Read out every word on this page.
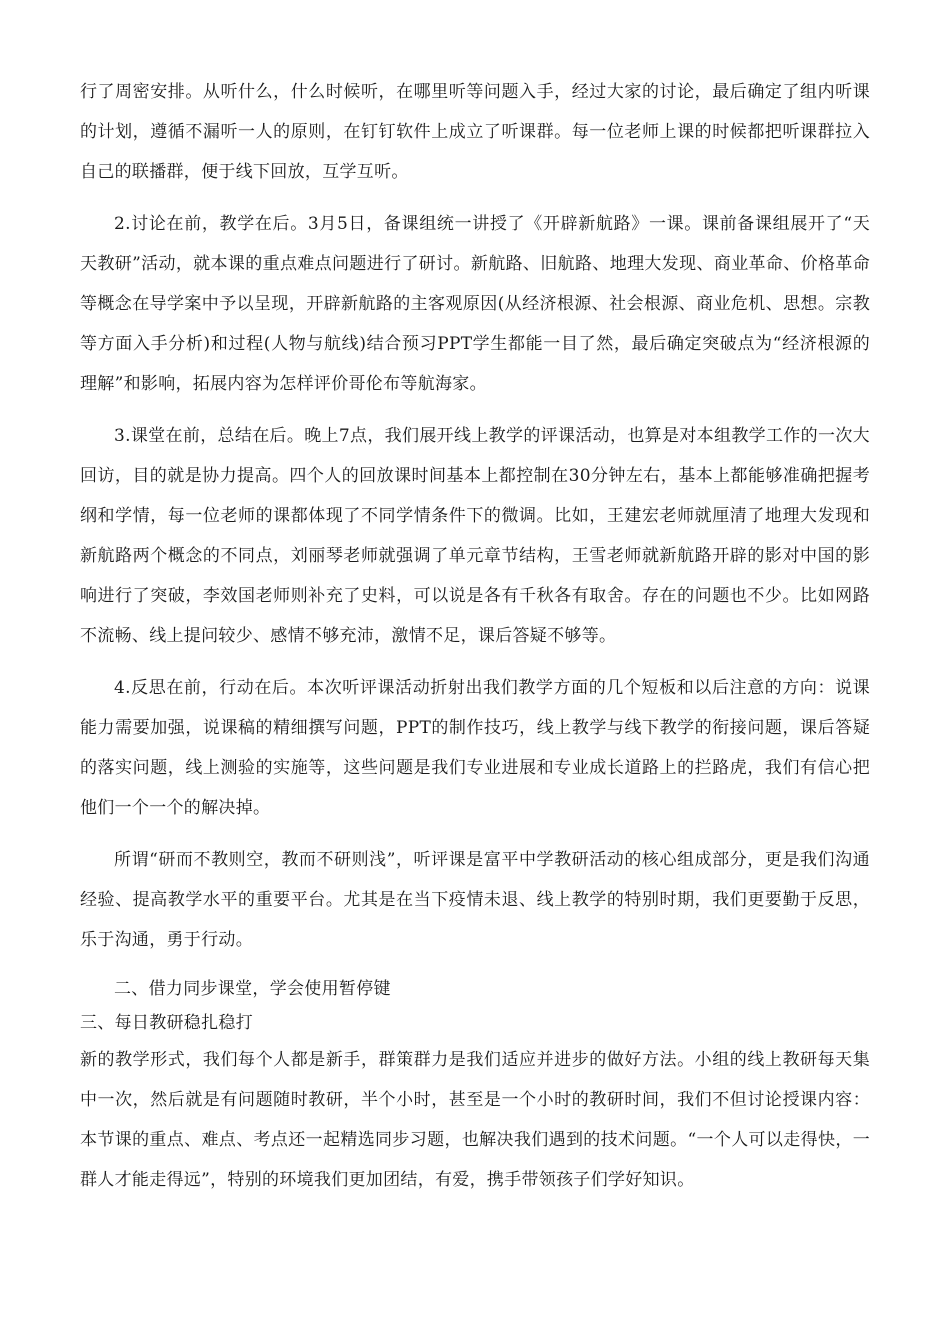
行了周密安排。从听什么，什么时候听，在哪里听等问题入手，经过大家的讨论，最后确定了组内听课的计划，遵循不漏听一人的原则，在钉钉软件上成立了听课群。每一位老师上课的时候都把听课群拉入自己的联播群，便于线下回放，互学互听。

2.讨论在前，教学在后。3月5日，备课组统一讲授了《开辟新航路》一课。课前备课组展开了“天天教研”活动，就本课的重点难点问题进行了研讨。新航路、旧航路、地理大发现、商业革命、价格革命等概念在导学案中予以呈现，开辟新航路的主客观原因(从经济根源、社会根源、商业危机、思想。宗教等方面入手分析)和过程(人物与航线)结合预习PPT学生都能一目了然，最后确定突破点为“经济根源的理解”和影响，拓展内容为怎样评价哥伦布等航海家。

3.课堂在前，总结在后。晚上7点，我们展开线上教学的评课活动，也算是对本组教学工作的一次大回访，目的就是协力提高。四个人的回放课时间基本上都控制在30分钟左右，基本上都能够准确把握考纲和学情，每一位老师的课都体现了不同学情条件下的微调。比如，王建宏老师就厘清了地理大发现和新航路两个概念的不同点，刘丽琴老师就强调了单元章节结构，王雪老师就新航路开辟的影对中国的影响进行了突破，李效国老师则补充了史料，可以说是各有千秋各有取舍。存在的问题也不少。比如网路不流畅、线上提问较少、感情不够充沛，激情不足，课后答疑不够等。

4.反思在前，行动在后。本次听评课活动折射出我们教学方面的几个短板和以后注意的方向：说课能力需要加强，说课稿的精细撰写问题，PPT的制作技巧，线上教学与线下教学的衔接问题，课后答疑的落实问题，线上测验的实施等，这些问题是我们专业进展和专业成长道路上的拦路虎，我们有信心把他们一个一个的解决掉。

所谓“研而不教则空，教而不研则浅”，听评课是富平中学教研活动的核心组成部分，更是我们沟通经验、提高教学水平的重要平台。尤其是在当下疫情未退、线上教学的特别时期，我们更要勤于反思，乐于沟通，勇于行动。

二、借力同步课堂，学会使用暂停键

三、每日教研稳扎稳打

新的教学形式，我们每个人都是新手，群策群力是我们适应并进步的做好方法。小组的线上教研每天集中一次，然后就是有问题随时教研，半个小时，甚至是一个小时的教研时间，我们不但讨论授课内容：本节课的重点、难点、考点还一起精选同步习题，也解决我们遇到的技术问题。“一个人可以走得快，一群人才能走得远”，特别的环境我们更加团结，有爱，携手带领孩子们学好知识。
